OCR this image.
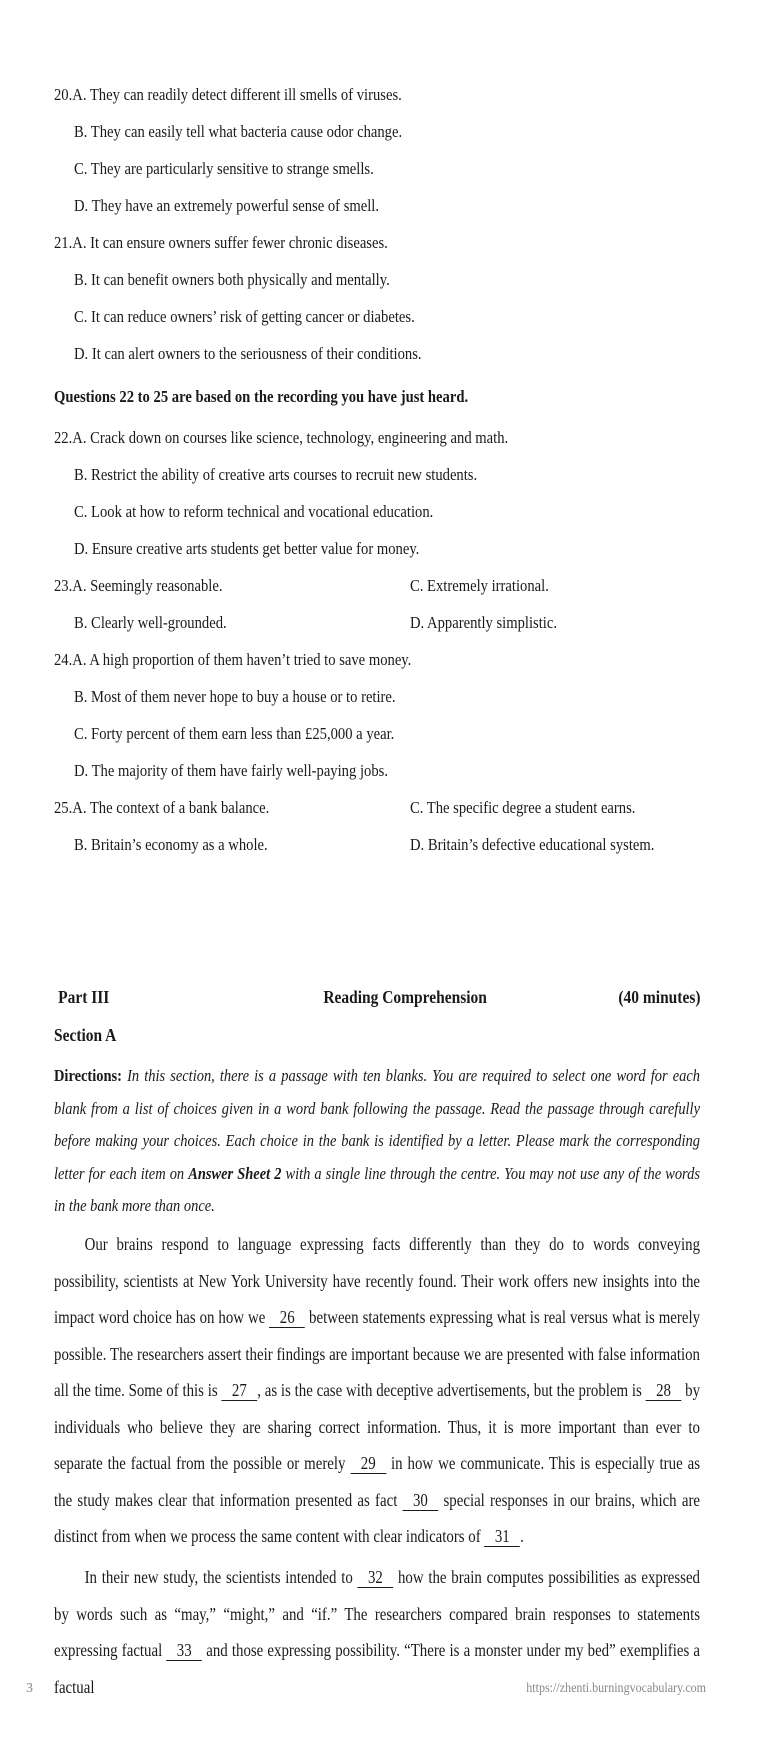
20.A. They can readily detect different ill smells of viruses.
B. They can easily tell what bacteria cause odor change.
C. They are particularly sensitive to strange smells.
D. They have an extremely powerful sense of smell.
21.A. It can ensure owners suffer fewer chronic diseases.
B. It can benefit owners both physically and mentally.
C. It can reduce owners’ risk of getting cancer or diabetes.
D. It can alert owners to the seriousness of their conditions.
Questions 22 to 25 are based on the recording you have just heard.
22.A. Crack down on courses like science, technology, engineering and math.
B. Restrict the ability of creative arts courses to recruit new students.
C. Look at how to reform technical and vocational education.
D. Ensure creative arts students get better value for money.
23.A. Seemingly reasonable.	C. Extremely irrational.
B. Clearly well-grounded.	D. Apparently simplistic.
24.A. A high proportion of them haven’t tried to save money.
B. Most of them never hope to buy a house or to retire.
C. Forty percent of them earn less than £25,000 a year.
D. The majority of them have fairly well-paying jobs.
25.A. The context of a bank balance.	C. The specific degree a student earns.
B. Britain’s economy as a whole.	D. Britain’s defective educational system.
Part III	Reading Comprehension	(40 minutes)
Section A
Directions: In this section, there is a passage with ten blanks. You are required to select one word for each blank from a list of choices given in a word bank following the passage. Read the passage through carefully before making your choices. Each choice in the bank is identified by a letter. Please mark the corresponding letter for each item on Answer Sheet 2 with a single line through the centre. You may not use any of the words in the bank more than once.

Our brains respond to language expressing facts differently than they do to words conveying possibility, scientists at New York University have recently found. Their work offers new insights into the impact word choice has on how we 26 between statements expressing what is real versus what is merely possible. The researchers assert their findings are important because we are presented with false information all the time. Some of this is 27 , as is the case with deceptive advertisements, but the problem is 28 by individuals who believe they are sharing correct information. Thus, it is more important than ever to separate the factual from the possible or merely 29 in how we communicate. This is especially true as the study makes clear that information presented as fact 30 special responses in our brains, which are distinct from when we process the same content with clear indicators of 31 .

In their new study, the scientists intended to 32 how the brain computes possibilities as expressed by words such as “may,” “might,” and “if.” The researchers compared brain responses to statements expressing factual 33 and those expressing possibility. “There is a monster under my bed” exemplifies a factual

3	https://zhenti.burningvocabulary.com
